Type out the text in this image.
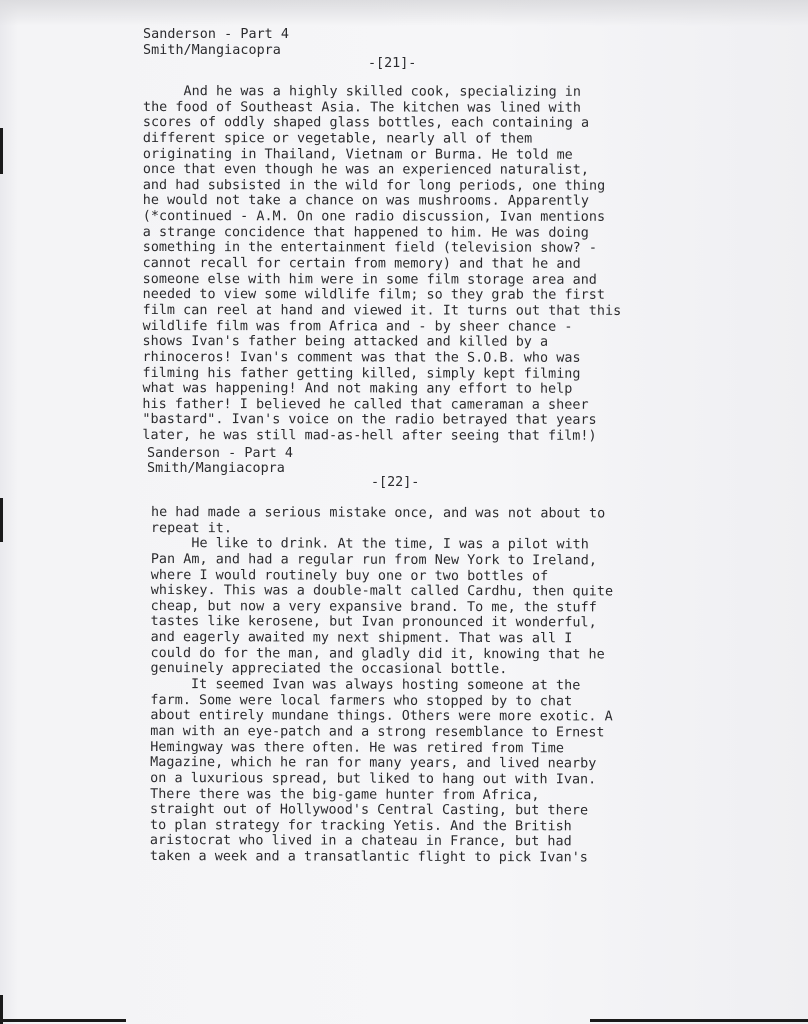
Sanderson - Part 4
Smith/Mangiacopra
-[21]-
And he was a highly skilled cook, specializing in
the food of Southeast Asia. The kitchen was lined with
scores of oddly shaped glass bottles, each containing a
different spice or vegetable, nearly all of them
originating in Thailand, Vietnam or Burma. He told me
once that even though he was an experienced naturalist,
and had subsisted in the wild for long periods, one thing
he would not take a chance on was mushrooms. Apparently
(*continued - A.M. On one radio discussion, Ivan mentions
a strange concidence that happened to him. He was doing
something in the entertainment field (television show? -
cannot recall for certain from memory) and that he and
someone else with him were in some film storage area and
needed to view some wildlife film; so they grab the first
film can reel at hand and viewed it. It turns out that this
wildlife film was from Africa and - by sheer chance -
shows Ivan's father being attacked and killed by a
rhinoceros! Ivan's comment was that the S.O.B. who was
filming his father getting killed, simply kept filming
what was happening! And not making any effort to help
his father! I believed he called that cameraman a sheer
"bastard". Ivan's voice on the radio betrayed that years
later, he was still mad-as-hell after seeing that film!)
Sanderson - Part 4
Smith/Mangiacopra
-[22]-
he had made a serious mistake once, and was not about to
repeat it.
He like to drink. At the time, I was a pilot with
Pan Am, and had a regular run from New York to Ireland,
where I would routinely buy one or two bottles of
whiskey. This was a double-malt called Cardhu, then quite
cheap, but now a very expansive brand. To me, the stuff
tastes like kerosene, but Ivan pronounced it wonderful,
and eagerly awaited my next shipment. That was all I
could do for the man, and gladly did it, knowing that he
genuinely appreciated the occasional bottle.
It seemed Ivan was always hosting someone at the
farm. Some were local farmers who stopped by to chat
about entirely mundane things. Others were more exotic. A
man with an eye-patch and a strong resemblance to Ernest
Hemingway was there often. He was retired from Time
Magazine, which he ran for many years, and lived nearby
on a luxurious spread, but liked to hang out with Ivan.
There there was the big-game hunter from Africa,
straight out of Hollywood's Central Casting, but there
to plan strategy for tracking Yetis. And the British
aristocrat who lived in a chateau in France, but had
taken a week and a transatlantic flight to pick Ivan's
